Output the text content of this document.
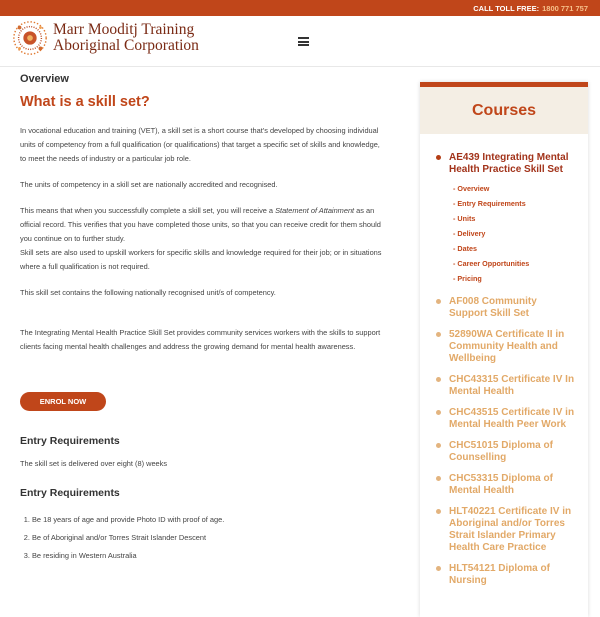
CALL TOLL FREE: 1800 771 757
Marr Mooditj Training
Aboriginal Corporation
Overview
What is a skill set?

In vocational education and training (VET), a skill set is a short course that's developed by choosing individual units of competency from a full qualification (or qualifications) that target a specific set of skills and knowledge, to meet the needs of industry or a particular job role.

The units of competency in a skill set are nationally accredited and recognised.

This means that when you successfully complete a skill set, you will receive a Statement of Attainment as an official record. This verifies that you have completed those units, so that you can receive credit for them should you continue on to further study.

Skill sets are also used to upskill workers for specific skills and knowledge required for their job; or in situations where a full qualification is not required.

This skill set contains the following nationally recognised unit/s of competency.

The Integrating Mental Health Practice Skill Set provides community services workers with the skills to support clients facing mental health challenges and address the growing demand for mental health awareness.

ENROL NOW
Entry Requirements

The skill set is delivered over eight (8) weeks

Entry Requirements
1. Be 18 years of age and provide Photo ID with proof of age.
2. Be of Aboriginal and/or Torres Strait Islander Descent
3. Be residing in Western Australia
Courses
AE439 Integrating Mental Health Practice Skill Set
- Overview
- Entry Requirements
- Units
- Delivery
- Dates
- Career Opportunities
- Pricing
AF008 Community Support Skill Set
52890WA Certificate II in Community Health and Wellbeing
CHC43315 Certificate IV In Mental Health
CHC43515 Certificate IV in Mental Health Peer Work
CHC51015 Diploma of Counselling
CHC53315 Diploma of Mental Health
HLT40221 Certificate IV in Aboriginal and/or Torres Strait Islander Primary Health Care Practice
HLT54121 Diploma of Nursing
